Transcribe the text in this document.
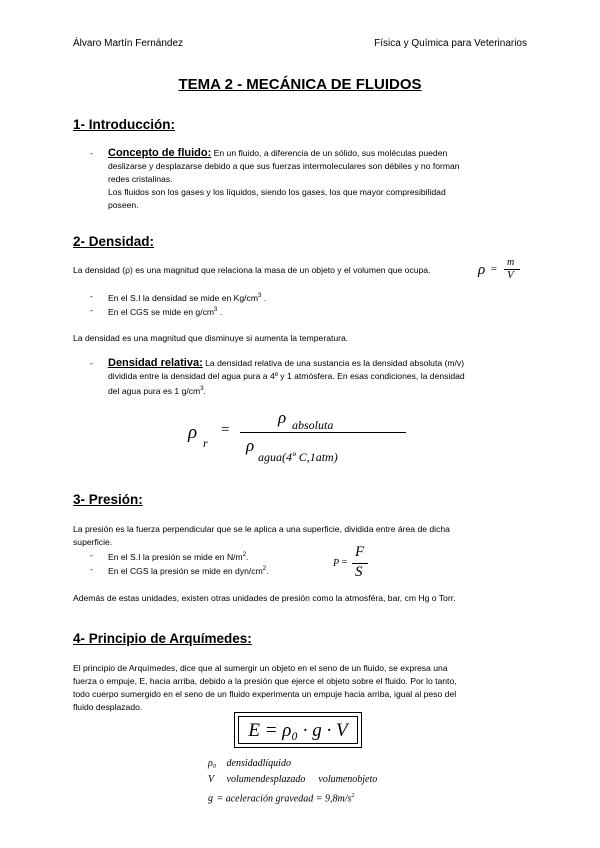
Álvaro Martín Fernández	Física y Química para Veterinarios
TEMA 2 - MECÁNICA DE FLUIDOS
1- Introducción:
- Concepto de fluido: En un fluido, a diferencia de un sólido, sus moléculas pueden
deslizarse y desplazarse debido a que sus fuerzas intermoleculares son débiles y no forman
redes cristalinas.
Los fluidos son los gases y los líquidos, siendo los gases, los que mayor compresibilidad
poseen.
2- Densidad:
La densidad (ρ) es una magnitud que relaciona la masa de un objeto y el volumen que ocupa.	ρ =
m
V
- En el S.I la densidad se mide en $Kg/cm^3$ .
- En el CGS se mide en $g/cm^3$ .
La densidad es una magnitud que disminuye si aumenta la temperatura.
- Densidad relativa: La densidad relativa de una sustancia es la densidad absoluta (m/v)
dividida entre la densidad del agua pura a 4º y 1 atmósfera. En esas condiciones, la densidad
del agua pura es 1 $g/cm^3$.
ρ r
=
ρ absoluta
ρ
agua(4º C,1atm)
3- Presión:
La presión es la fuerza perpendicular que se le aplica a una superficie, dividida entre área de dicha
superficie.
- En el S.I la presión se mide en $N/m^2$.
- En el CGS la presión se mide en dyn/$cm^2$.
P =
F
S
Además de estas unidades, existen otras unidades de presión como la atmosféra, bar, cm Hg o Torr.
4- Principio de Arquímedes:
El principio de Arquímedes, dice que al sumergir un objeto en el seno de un fluido, se expresa una
fuerza o empuje, E, hacia arriba, debido a la presión que ejerce el objeto sobre el fluido. Por lo tanto,
todo cuerpo sumergido en el seno de un fluido experimenta un empuje hacia arriba, igual al peso del
fluido desplazado.
E = ρ₀ · g · V
ρ₀ densidadlíquido
V volumendesplazado volumenobjeto
g = aceleración gravedad = $9,8m/s^2$
